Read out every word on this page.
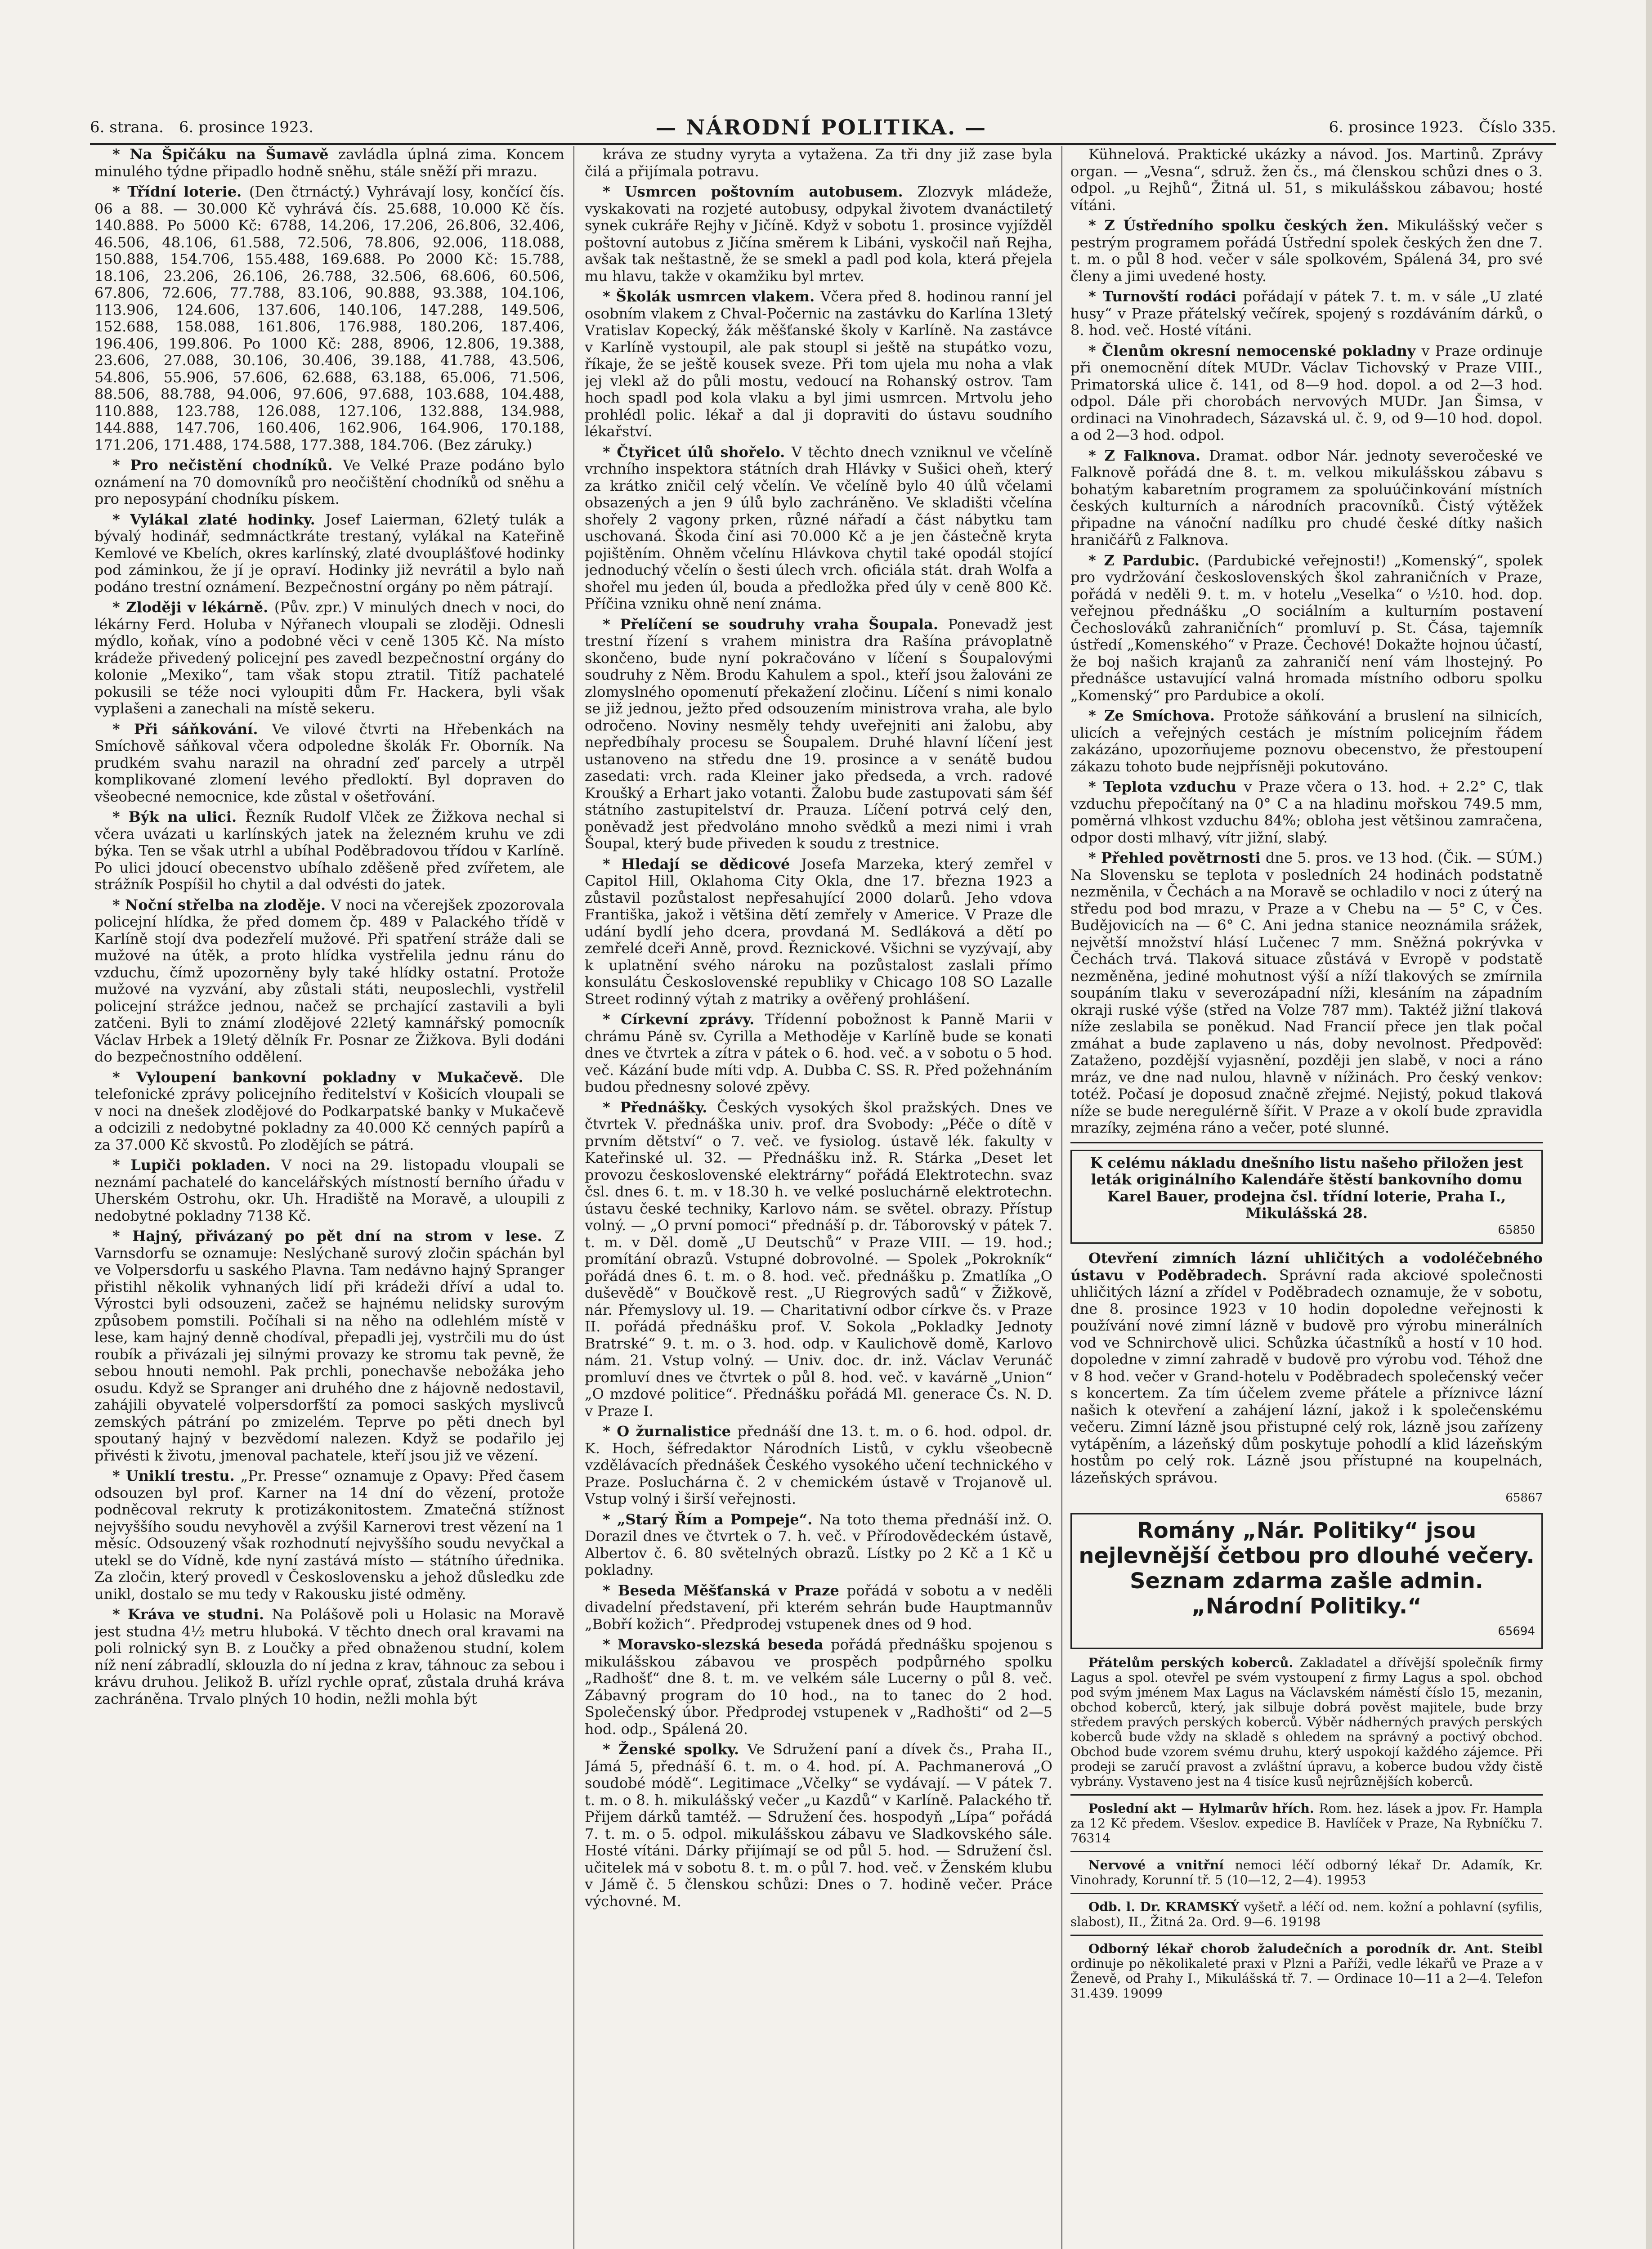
6. strana. 6. prosince 1923.	— NÁRODNÍ POLITIKA. —	6. prosince 1923. Číslo 335.

* Na Špičáku na Šumavě zavládla úplná zima. Koncem minulého týdne připadlo hodně sněhu, stále sněží při mrazu.

* Třídní loterie. (Den čtrnáctý.) Vyhrávají losy, končící čís. 06 a 88. — 30.000 Kč vyhrává čís. 25.688, 10.000 Kč čís. 140.888. Po 5000 Kč: 6788, 14.206, 17.206, 26.806, 32.406, 46.506, 48.106, 61.588, 72.506, 78.806, 92.006, 118.088, 150.888, 154.706, 155.488, 169.688. Po 2000 Kč: 15.788, 18.106, 23.206, 26.106, 26.788, 32.506, 68.606, 60.506, 67.806, 72.606, 77.788, 83.106, 90.888, 93.388, 104.106, 113.906, 124.606, 137.606, 140.106, 147.288, 149.506, 152.688, 158.088, 161.806, 176.988, 180.206, 187.406, 196.406, 199.806. Po 1000 Kč: 288, 8906, 12.806, 19.388, 23.606, 27.088, 30.106, 30.406, 39.188, 41.788, 43.506, 54.806, 55.906, 57.606, 62.688, 63.188, 65.006, 71.506, 88.506, 88.788, 94.006, 97.606, 97.688, 103.688, 104.488, 110.888, 123.788, 126.088, 127.106, 132.888, 134.988, 144.888, 147.706, 160.406, 162.906, 164.906, 170.188, 171.206, 171.488, 174.588, 177.388, 184.706. (Bez záruky.)

* Pro nečistění chodníků. Ve Velké Praze podáno bylo oznámení na 70 domovníků pro neočištění chodníků od sněhu a pro neposypání chodníku pískem.

* Vylákal zlaté hodinky. Josef Laierman, 62letý tulák a bývalý hodinář, sedmnáctkráte trestaný, vylákal na Kateřině Kemlové ve Kbelích, okres karlínský, zlaté dvouplášťové hodinky pod záminkou, že jí je opraví. Hodinky již nevrátil a bylo naň podáno trestní oznámení. Bezpečnostní orgány po něm pátrají.

* Zloději v lékárně. (Pův. zpr.) V minulých dnech v noci, do lékárny Ferd. Holuba v Nýřanech vloupali se zloději. Odnesli mýdlo, koňak, víno a podobné věci v ceně 1305 Kč. Na místo krádeže přivedený policejní pes zavedl bezpečnostní orgány do kolonie „Mexiko“, tam však stopu ztratil. Titíž pachatelé pokusili se téže noci vyloupiti dům Fr. Hackera, byli však vyplašeni a zanechali na místě sekeru.

* Při sáňkování. Ve vilové čtvrti na Hřebenkách na Smíchově sáňkoval včera odpoledne školák Fr. Oborník. Na prudkém svahu narazil na ohradní zeď parcely a utrpěl komplikované zlomení levého předloktí. Byl dopraven do všeobecné nemocnice, kde zůstal v ošetřování.

* Býk na ulici. Řezník Rudolf Vlček ze Žižkova nechal si včera uvázati u karlínských jatek na železném kruhu ve zdi býka. Ten se však utrhl a ubíhal Poděbradovou třídou v Karlíně. Po ulici jdoucí obecenstvo ubíhalo zděšeně před zvířetem, ale strážník Pospíšil ho chytil a dal odvésti do jatek.

* Noční střelba na zloděje. V noci na včerejšek zpozorovala policejní hlídka, že před domem čp. 489 v Palackého třídě v Karlíně stojí dva podezřelí mužové. Při spatření stráže dali se mužové na útěk, a proto hlídka vystřelila jednu ránu do vzduchu, čímž upozorněny byly také hlídky ostatní. Protože mužové na vyzvání, aby zůstali státi, neuposlechli, vystřelil policejní strážce jednou, načež se prchající zastavili a byli zatčeni. Byli to známí zlodějové 22letý kamnářský pomocník Václav Hrbek a 19letý dělník Fr. Posnar ze Žižkova. Byli dodáni do bezpečnostního oddělení.

* Vyloupení bankovní pokladny v Mukačevě. Dle telefonické zprávy policejního ředitelství v Košicích vloupali se v noci na dnešek zlodějové do Podkarpatské banky v Mukačevě a odcizili z nedobytné pokladny za 40.000 Kč cenných papírů a za 37.000 Kč skvostů. Po zlodějích se pátrá.

* Lupiči pokladen. V noci na 29. listopadu vloupali se neznámí pachatelé do kancelářských místností berního úřadu v Uherském Ostrohu, okr. Uh. Hradiště na Moravě, a uloupili z nedobytné pokladny 7138 Kč.

* Hajný, přivázaný po pět dní na strom v lese. Z Varnsdorfu se oznamuje: Neslýchaně surový zločin spáchán byl ve Volpersdorfu u saského Plavna. Tam nedávno hajný Spranger přistihl několik vyhnaných lidí při krádeži dříví a udal to. Výrostci byli odsouzeni, začež se hajnému nelidsky surovým způsobem pomstili. Počíhali si na něho na odlehlém místě v lese, kam hajný denně chodíval, přepadli jej, vystrčili mu do úst roubík a přivázali jej silnými provazy ke stromu tak pevně, že sebou hnouti nemohl. Pak prchli, ponechavše nebožáka jeho osudu. Když se Spranger ani druhého dne z hájovně nedostavil, zahájili obyvatelé volpersdorfští za pomoci saských myslivců zemských pátrání po zmizelém. Teprve po pěti dnech byl spoutaný hajný v bezvědomí nalezen. Když se podařilo jej přivésti k životu, jmenoval pachatele, kteří jsou již ve vězení.

* Uniklí trestu. „Pr. Presse“ oznamuje z Opavy: Před časem odsouzen byl prof. Karner na 14 dní do vězení, protože podněcoval rekruty k protizákonitostem. Zmatečná stížnost nejvyššího soudu nevyhověl a zvýšil Karnerovi trest vězení na 1 měsíc. Odsouzený však rozhodnutí nejvyššího soudu nevyčkal a utekl se do Vídně, kde nyní zastává místo — státního úřednika. Za zločin, který provedl v Československu a jehož důsledku zde unikl, dostalo se mu tedy v Rakousku jisté odměny.

* Kráva ve studni. Na Polášově poli u Holasic na Moravě jest studna 4½ metru hluboká. V těchto dnech oral kravami na poli rolnický syn B. z Loučky a před obnaženou studní, kolem níž není zábradlí, sklouzla do ní jedna z krav, táhnouc za sebou i krávu druhou. Jelikož B. uřízl rychle oprať, zůstala druhá kráva zachráněna. Trvalo plných 10 hodin, nežli mohla být

kráva ze studny vyryta a vytažena. Za tři dny již zase byla čilá a přijímala potravu.

* Usmrcen poštovním autobusem. Zlozvyk mládeže, vyskakovati na rozjeté autobusy, odpykal životem dvanáctiletý synek cukráře Rejhy v Jičíně. Když v sobotu 1. prosince vyjížděl poštovní autobus z Jičína směrem k Libáni, vyskočil naň Rejha, avšak tak neštastně, že se smekl a padl pod kola, která přejela mu hlavu, takže v okamžiku byl mrtev.

* Školák usmrcen vlakem. Včera před 8. hodinou ranní jel osobním vlakem z Chval-Počernic na zastávku do Karlína 13letý Vratislav Kopecký, žák měšťanské školy v Karlíně. Na zastávce v Karlíně vystoupil, ale pak stoupl si ještě na stupátko vozu, říkaje, že se ještě kousek sveze. Při tom ujela mu noha a vlak jej vlekl až do půli mostu, vedoucí na Rohanský ostrov. Tam hoch spadl pod kola vlaku a byl jimi usmrcen. Mrtvolu jeho prohlédl polic. lékař a dal ji dopraviti do ústavu soudního lékařství.

* Čtyřicet úlů shořelo. V těchto dnech vzniknul ve včelíně vrchního inspektora státních drah Hlávky v Sušici oheň, který za krátko zničil celý včelín. Ve včelíně bylo 40 úlů včelami obsazených a jen 9 úlů bylo zachráněno. Ve skladišti včelína shořely 2 vagony prken, různé nářadí a část nábytku tam uschovaná. Škoda činí asi 70.000 Kč a je jen částečně kryta pojištěním. Ohněm včelínu Hlávkova chytil také opodál stojící jednoduchý včelín o šesti úlech vrch. oficiála stát. drah Wolfa a shořel mu jeden úl, bouda a předložka před úly v ceně 800 Kč. Příčina vzniku ohně není známa.

* Přelíčení se soudruhy vraha Šoupala. Ponevadž jest trestní řízení s vrahem ministra dra Rašína právoplatně skončeno, bude nyní pokračováno v líčení s Šoupalovými soudruhy z Něm. Brodu Kahulem a spol., kteří jsou žalováni ze zlomyslného opomenutí překažení zločinu. Líčení s nimi konalo se již jednou, ježto před odsouzením ministrova vraha, ale bylo odročeno. Noviny nesměly tehdy uveřejniti ani žalobu, aby nepředbíhaly procesu se Šoupalem. Druhé hlavní líčení jest ustanoveno na středu dne 19. prosince a v senátě budou zasedati: vrch. rada Kleiner jako předseda, a vrch. radové Kroušký a Erhart jako votanti. Žalobu bude zastupovati sám šéf státního zastupitelství dr. Prauza. Líčení potrvá celý den, poněvadž jest předvoláno mnoho svědků a mezi nimi i vrah Šoupal, který bude přiveden k soudu z trestnice.

* Hledají se dědicové Josefa Marzeka, který zemřel v Capitol Hill, Oklahoma City Okla, dne 17. března 1923 a zůstavil pozůstalost nepřesahující 2000 dolarů. Jeho vdova Františka, jakož i většina dětí zemřely v Americe. V Praze dle udání bydlí jeho dcera, provdaná M. Sedláková a dětí po zemřelé dceři Anně, provd. Řeznickové. Všichni se vyzývají, aby k uplatnění svého nároku na pozůstalost zaslali přímo konsulátu Československé republiky v Chicago 108 SO Lazalle Street rodinný výtah z matriky a ověřený prohlášení.

* Církevní zprávy. Třídenní pobožnost k Panně Marii v chrámu Páně sv. Cyrilla a Methoděje v Karlíně bude se konati dnes ve čtvrtek a zítra v pátek o 6. hod. več. a v sobotu o 5 hod. več. Kázání bude míti vdp. A. Dubba C. SS. R. Před požehnáním budou přednesny solové zpěvy.

* Přednášky. Českých vysokých škol pražských. Dnes ve čtvrtek V. přednáška univ. prof. dra Svobody: „Péče o dítě v prvním dětství“ o 7. več. ve fysiolog. ústavě lék. fakulty v Kateřinské ul. 32. — Přednášku inž. R. Stárka „Deset let provozu československé elektrárny“ pořádá Elektrotechn. svaz čsl. dnes 6. t. m. v 18.30 h. ve velké posluchárně elektrotechn. ústavu české techniky, Karlovo nám. se světel. obrazy. Přístup volný. — „O první pomoci“ přednáší p. dr. Táborovský v pátek 7. t. m. v Děl. domě „U Deutschů“ v Praze VIII. — 19. hod.; promítání obrazů. Vstupné dobrovolné. — Spolek „Pokrokník“ pořádá dnes 6. t. m. o 8. hod. več. přednášku p. Zmatlíka „O duševědě“ v Boučkově rest. „U Riegrových sadů“ v Žižkově, nár. Přemyslovy ul. 19. — Charitativní odbor církve čs. v Praze II. pořádá přednášku prof. V. Sokola „Pokladky Jednoty Bratrské“ 9. t. m. o 3. hod. odp. v Kaulichově domě, Karlovo nám. 21. Vstup volný. — Univ. doc. dr. inž. Václav Verunáč promluví dnes ve čtvrtek o půl 8. hod. več. v kavárně „Union“ „O mzdové politice“. Přednášku pořádá Ml. generace Čs. N. D. v Praze I.

* O žurnalistice přednáší dne 13. t. m. o 6. hod. odpol. dr. K. Hoch, šéfredaktor Národních Listů, v cyklu všeobecně vzdělávacích přednášek Českého vysokého učení technického v Praze. Posluchárna č. 2 v chemickém ústavě v Trojanově ul. Vstup volný i širší veřejnosti.

* „Starý Řím a Pompeje“. Na toto thema přednáší inž. O. Dorazil dnes ve čtvrtek o 7. h. več. v Přírodovědeckém ústavě, Albertov č. 6. 80 světelných obrazů. Lístky po 2 Kč a 1 Kč u pokladny.

* Beseda Měšťanská v Praze pořádá v sobotu a v neděli divadelní představení, při kterém sehrán bude Hauptmannův „Bobří kožich“. Předprodej vstupenek dnes od 9 hod.

* Moravsko-slezská beseda pořádá přednášku spojenou s mikulášskou zábavou ve prospěch podpůrného spolku „Radhošť“ dne 8. t. m. ve velkém sále Lucerny o půl 8. več. Zábavný program do 10 hod., na to tanec do 2 hod. Společenský úbor. Předprodej vstupenek v „Radhošti“ od 2—5 hod. odp., Spálená 20.

* Ženské spolky. Ve Sdružení paní a dívek čs., Praha II., Jámá 5, přednáší 6. t. m. o 4. hod. pí. A. Pachmanerová „O soudobé módě“. Legitimace „Včelky“ se vydávají. — V pátek 7. t. m. o 8. h. mikulášský večer „u Kazdů“ v Karlíně. Palackého tř. Přijem dárků tamtéž. — Sdružení čes. hospodyň „Lípa“ pořádá 7. t. m. o 5. odpol. mikulášskou zábavu ve Sladkovského sále. Hosté vítáni. Dárky přijímají se od půl 5. hod. — Sdružení čsl. učitelek má v sobotu 8. t. m. o půl 7. hod. več. v Ženském klubu v Jámě č. 5 členskou schůzi: Dnes o 7. hodině večer. Práce výchovné. M.

Kühnelová. Praktické ukázky a návod. Jos. Martinů. Zprávy organ. — „Vesna“, sdruž. žen čs., má členskou schůzi dnes o 3. odpol. „u Rejhů“, Žitná ul. 51, s mikulášskou zábavou; hosté vítáni.

* Z Ústředního spolku českých žen. Mikulášský večer s pestrým programem pořádá Ústřední spolek českých žen dne 7. t. m. o půl 8 hod. večer v sále spolkovém, Spálená 34, pro své členy a jimi uvedené hosty.

* Turnovští rodáci pořádají v pátek 7. t. m. v sále „U zlaté husy“ v Praze přátelský večírek, spojený s rozdáváním dárků, o 8. hod. več. Hosté vítáni.

* Členům okresní nemocenské pokladny v Praze ordinuje při onemocnění dítek MUDr. Václav Tichovský v Praze VIII., Primatorská ulice č. 141, od 8—9 hod. dopol. a od 2—3 hod. odpol. Dále při chorobách nervových MUDr. Jan Šimsa, v ordinaci na Vinohradech, Sázavská ul. č. 9, od 9—10 hod. dopol. a od 2—3 hod. odpol.

* Z Falknova. Dramat. odbor Nár. jednoty severočeské ve Falknově pořádá dne 8. t. m. velkou mikulášskou zábavu s bohatým kabaretním programem za spoluúčinkování místních českých kulturních a národních pracovníků. Čistý výtěžek připadne na vánoční nadílku pro chudé české dítky našich hraničářů z Falknova.

* Z Pardubic. (Pardubické veřejnosti!) „Komenský“, spolek pro vydržování československých škol zahraničních v Praze, pořádá v neděli 9. t. m. v hotelu „Veselka“ o ½10. hod. dop. veřejnou přednášku „O sociálním a kulturním postavení Čechoslováků zahraničních“ promluví p. St. Čása, tajemník ústředí „Komenského“ v Praze. Čechové! Dokažte hojnou účastí, že boj našich krajanů za zahraničí není vám lhostejný. Po přednášce ustavující valná hromada místního odboru spolku „Komenský“ pro Pardubice a okolí.

* Ze Smíchova. Protože sáňkování a bruslení na silnicích, ulicích a veřejných cestách je místním policejním řádem zakázáno, upozorňujeme poznovu obecenstvo, že přestoupení zákazu tohoto bude nejpřísněji pokutováno.

* Teplota vzduchu v Praze včera o 13. hod. + 2.2° C, tlak vzduchu přepočítaný na 0° C a na hladinu mořskou 749.5 mm, poměrná vlhkost vzduchu 84%; obloha jest většinou zamračena, odpor dosti mlhavý, vítr jižní, slabý.

* Přehled povětrnosti dne 5. pros. ve 13 hod. (Čik. — SÚM.) Na Slovensku se teplota v posledních 24 hodinách podstatně nezměnila, v Čechách a na Moravě se ochladilo v noci z úterý na středu pod bod mrazu, v Praze a v Chebu na — 5° C, v Čes. Budějovicích na — 6° C. Ani jedna stanice neoznámila srážek, největší množství hlásí Lučenec 7 mm. Sněžná pokrývka v Čechách trvá. Tlaková situace zůstává v Evropě v podstatě nezměněna, jediné mohutnost výší a níží tlakových se zmírnila soupáním tlaku v severozápadní níži, klesáním na západním okraji ruské výše (střed na Volze 787 mm). Taktéž jižní tlaková níže zeslabila se poněkud. Nad Francií přece jen tlak počal zmáhat a bude zaplaveno u nás, doby nevolnost. Předpověď: Zataženo, pozdější vyjasnění, později jen slabě, v noci a ráno mráz, ve dne nad nulou, hlavně v nížinách. Pro český venkov: totéž. Počasí je doposud značně zřejmé. Nejistý, pokud tlaková níže se bude neregulérně šířit. V Praze a v okolí bude zpravidla mrazíky, zejména ráno a večer, poté slunné.

K celému nákladu dnešního listu našeho přiložen jest leták originálního Kalendáře štěstí bankovního domu Karel Bauer, prodejna čsl. třídní loterie, Praha I., Mikulášská 28.
65850

Otevření zimních lázní uhličitých a vodoléčebného ústavu v Poděbradech. Správní rada akciové společnosti uhličitých lázní a zřídel v Poděbradech oznamuje, že v sobotu, dne 8. prosince 1923 v 10 hodin dopoledne veřejnosti k používání nové zimní lázně v budově pro výrobu minerálních vod ve Schnirchově ulici. Schůzka účastníků a hostí v 10 hod. dopoledne v zimní zahradě v budově pro výrobu vod. Téhož dne v 8 hod. večer v Grand-hotelu v Poděbradech společenský večer s koncertem. Za tím účelem zveme přátele a příznivce lázní našich k otevření a zahájení lázní, jakož i k společenskému večeru. Zimní lázně jsou přistupné celý rok, lázně jsou zařízeny vytápěním, a lázeňský dům poskytuje pohodlí a klid lázeňským hostům po celý rok. Lázně jsou přístupné na koupelnách, lázeňských správou.

65867
Romány „Nár. Politiky“ jsou nejlevnější četbou pro dlouhé večery. Seznam zdarma zašle admin. „Národní Politiky.“
65694

Přátelům perských koberců. Zakladatel a dřívější společník firmy Lagus a spol. otevřel pe svém vystoupení z firmy Lagus a spol. obchod pod svým jménem Max Lagus na Václavském náměstí číslo 15, mezanin, obchod koberců, který, jak silbuje dobrá pověst majitele, bude brzy středem pravých perských koberců. Výběr nádherných pravých perských koberců bude vždy na skladě s ohledem na správný a poctivý obchod. Obchod bude vzorem svému druhu, který uspokojí každého zájemce. Při prodeji se zaručí pravost a zvláštní úpravu, a koberce budou vždy čistě vybrány. Vystaveno jest na 4 tisíce kusů nejrůznějších koberců.

Poslední akt — Hylmarův hřích. Rom. hez. lásek a jpov. Fr. Hampla za 12 Kč předem. Všeslov. expedice B. Havlíček v Praze, Na Rybníčku 7. 76314

Nervové a vnitřní nemoci léčí odborný lékař Dr. Adamík, Kr. Vinohrady, Korunní tř. 5 (10—12, 2—4). 19953

Odb. l. Dr. KRAMSKÝ vyšetř. a léčí od. nem. kožní a pohlavní (syfilis, slabost), II., Žitná 2a. Ord. 9—6. 19198

Odborný lékař chorob žaludečních a porodník dr. Ant. Steibl ordinuje po několikaleté praxi v Plzni a Paříži, vedle lékařů ve Praze a v Ženevě, od Prahy I., Mikulášská tř. 7. — Ordinace 10—11 a 2—4. Telefon 31.439. 19099
